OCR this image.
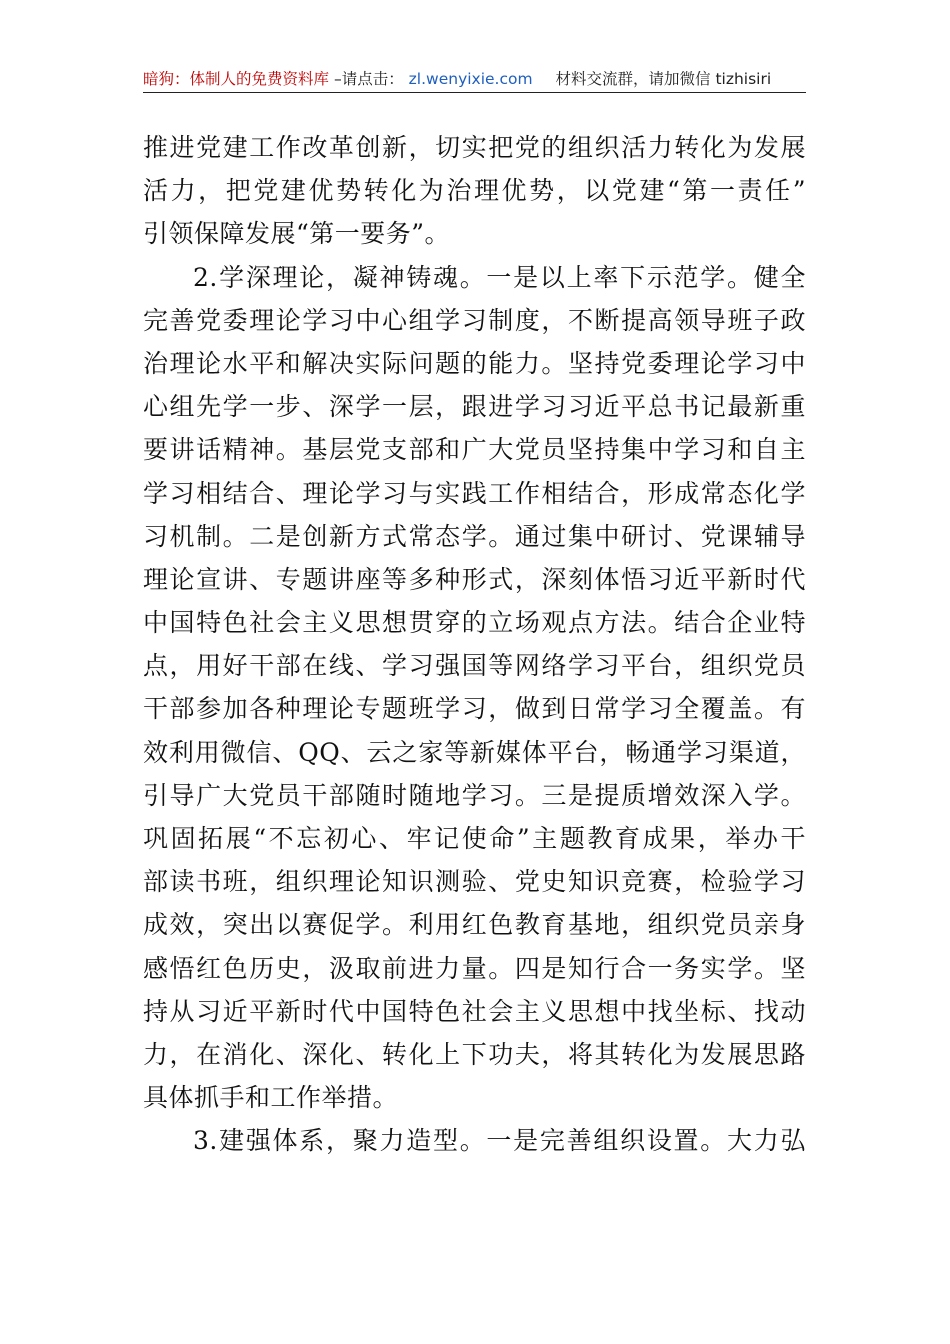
暗狗：体制人的免费资料库 –请点击： zl.wenyixie.com 材料交流群，请加微信 tizhisiri
推进党建工作改革创新，切实把党的组织活力转化为发展
活力，把党建优势转化为治理优势，以党建“第一责任”
引领保障发展“第一要务”。
2.学深理论，凝神铸魂。一是以上率下示范学。健全
完善党委理论学习中心组学习制度，不断提高领导班子政
治理论水平和解决实际问题的能力。坚持党委理论学习中
心组先学一步、深学一层，跟进学习习近平总书记最新重
要讲话精神。基层党支部和广大党员坚持集中学习和自主
学习相结合、理论学习与实践工作相结合，形成常态化学
习机制。二是创新方式常态学。通过集中研讨、党课辅导
理论宣讲、专题讲座等多种形式，深刻体悟习近平新时代
中国特色社会主义思想贯穿的立场观点方法。结合企业特
点，用好干部在线、学习强国等网络学习平台，组织党员
干部参加各种理论专题班学习，做到日常学习全覆盖。有
效利用微信、QQ、云之家等新媒体平台，畅通学习渠道，
引导广大党员干部随时随地学习。三是提质增效深入学。
巩固拓展“不忘初心、牢记使命”主题教育成果，举办干
部读书班，组织理论知识测验、党史知识竞赛，检验学习
成效，突出以赛促学。利用红色教育基地，组织党员亲身
感悟红色历史，汲取前进力量。四是知行合一务实学。坚
持从习近平新时代中国特色社会主义思想中找坐标、找动
力，在消化、深化、转化上下功夫，将其转化为发展思路
具体抓手和工作举措。
3.建强体系，聚力造型。一是完善组织设置。大力弘
